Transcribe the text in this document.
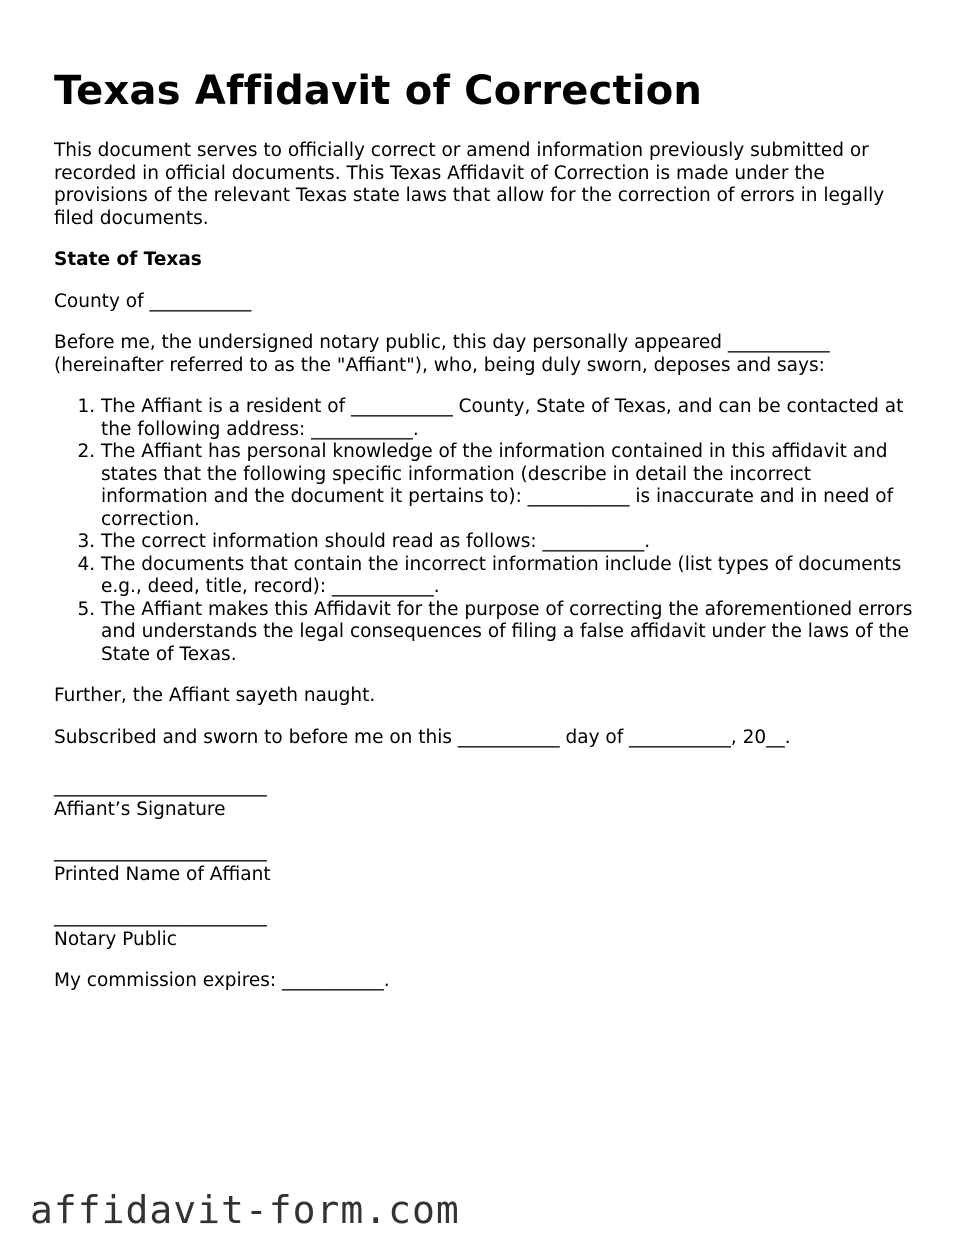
Texas Affidavit of Correction

This document serves to officially correct or amend information previously submitted or recorded in official documents. This Texas Affidavit of Correction is made under the provisions of the relevant Texas state laws that allow for the correction of errors in legally filed documents.

State of Texas

County of ___________

Before me, the undersigned notary public, this day personally appeared ___________ (hereinafter referred to as the "Affiant"), who, being duly sworn, deposes and says:

1. The Affiant is a resident of ___________ County, State of Texas, and can be contacted at the following address: ___________.
2. The Affiant has personal knowledge of the information contained in this affidavit and states that the following specific information (describe in detail the incorrect information and the document it pertains to): ___________ is inaccurate and in need of correction.
3. The correct information should read as follows: ___________.
4. The documents that contain the incorrect information include (list types of documents e.g., deed, title, record): ___________.
5. The Affiant makes this Affidavit for the purpose of correcting the aforementioned errors and understands the legal consequences of filing a false affidavit under the laws of the State of Texas.

Further, the Affiant sayeth naught.

Subscribed and sworn to before me on this ___________ day of ___________, 20__.

_______________________

Affiant’s Signature

_______________________

Printed Name of Affiant

_______________________

Notary Public

My commission expires: ___________.

affidavit-form.com
